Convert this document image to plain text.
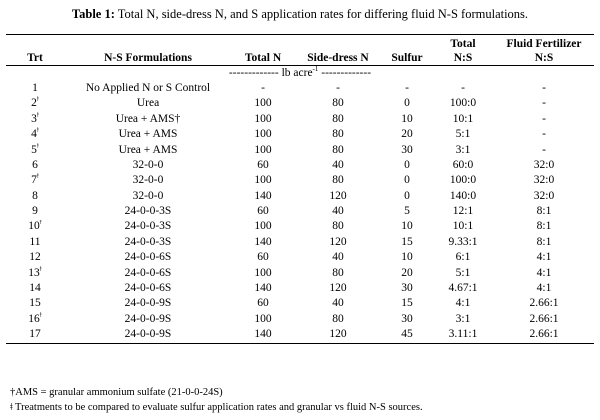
Table 1: Total N, side-dress N, and S application rates for differing fluid N-S formulations.
Trt	N-S Formulations	Total N	Side-dress N	Sulfur	Total N:S	Fluid Fertilizer N:S
------------- lb acre$^{-1}$ -------------						
1	No Applied N or S Control	-	-	-	-	-
$2^ǂ$	Urea	100	80	0	100:0	-
$3^ǂ$	Urea + AMS†	100	80	10	10:1	-
$4^ǂ$	Urea + AMS	100	80	20	5:1	-
$5^ǂ$	Urea + AMS	100	80	30	3:1	-
6	32-0-0	60	40	0	60:0	32:0
$7^ǂ$	32-0-0	100	80	0	100:0	32:0
8	32-0-0	140	120	0	140:0	32:0
9	24-0-0-3S	60	40	5	12:1	8:1
$10^ǂ$	24-0-0-3S	100	80	10	10:1	8:1
11	24-0-0-3S	140	120	15	9.33:1	8:1
12	24-0-0-6S	60	40	10	6:1	4:1
$13^ǂ$	24-0-0-6S	100	80	20	5:1	4:1
14	24-0-0-6S	140	120	30	4.67:1	4:1
15	24-0-0-9S	60	40	15	4:1	2.66:1
$16^ǂ$	24-0-0-9S	100	80	30	3:1	2.66:1
17	24-0-0-9S	140	120	45	3.11:1	2.66:1
†AMS = granular ammonium sulfate (21-0-0-24S)
ǂ Treatments to be compared to evaluate sulfur application rates and granular vs fluid N-S sources.
